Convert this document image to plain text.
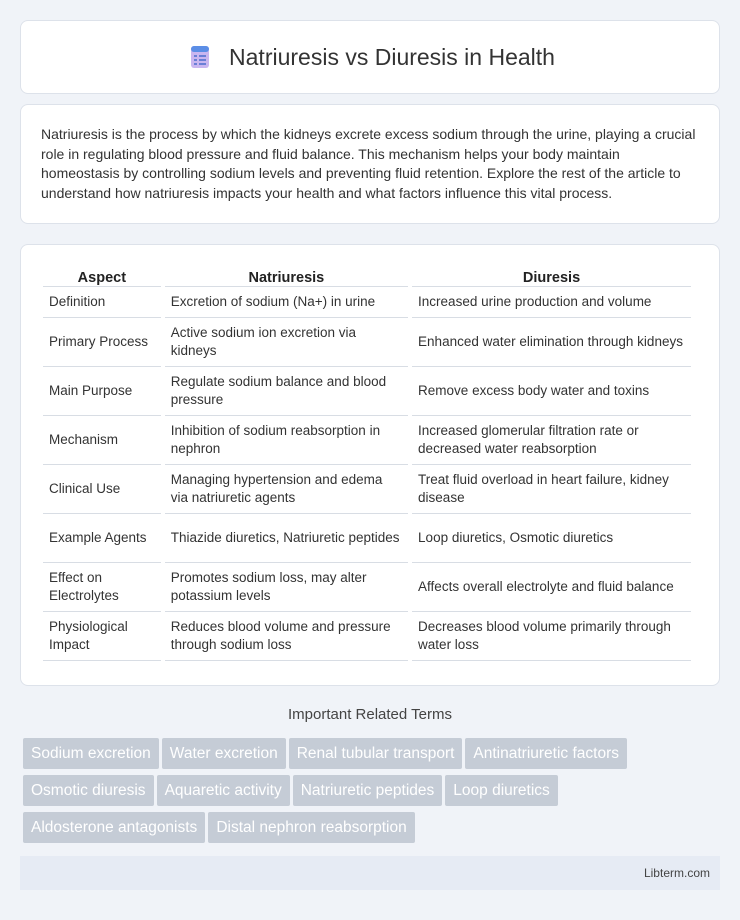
Natriuresis vs Diuresis in Health

Natriuresis is the process by which the kidneys excrete excess sodium through the urine, playing a crucial role in regulating blood pressure and fluid balance. This mechanism helps your body maintain homeostasis by controlling sodium levels and preventing fluid retention. Explore the rest of the article to understand how natriuresis impacts your health and what factors influence this vital process.

Aspect	Natriuresis	Diuresis
Definition	Excretion of sodium (Na+) in urine	Increased urine production and volume
Primary Process	Active sodium ion excretion via kidneys	Enhanced water elimination through kidneys
Main Purpose	Regulate sodium balance and blood pressure	Remove excess body water and toxins
Mechanism	Inhibition of sodium reabsorption in nephron	Increased glomerular filtration rate or decreased water reabsorption
Clinical Use	Managing hypertension and edema via natriuretic agents	Treat fluid overload in heart failure, kidney disease
Example Agents	Thiazide diuretics, Natriuretic peptides	Loop diuretics, Osmotic diuretics
Effect on Electrolytes	Promotes sodium loss, may alter potassium levels	Affects overall electrolyte and fluid balance
Physiological Impact	Reduces blood volume and pressure through sodium loss	Decreases blood volume primarily through water loss
Important Related Terms
Sodium excretion Water excretion Renal tubular transport Antinatriuretic factors
Osmotic diuresis Aquaretic activity Natriuretic peptides Loop diuretics
Aldosterone antagonists Distal nephron reabsorption
Libterm.com
